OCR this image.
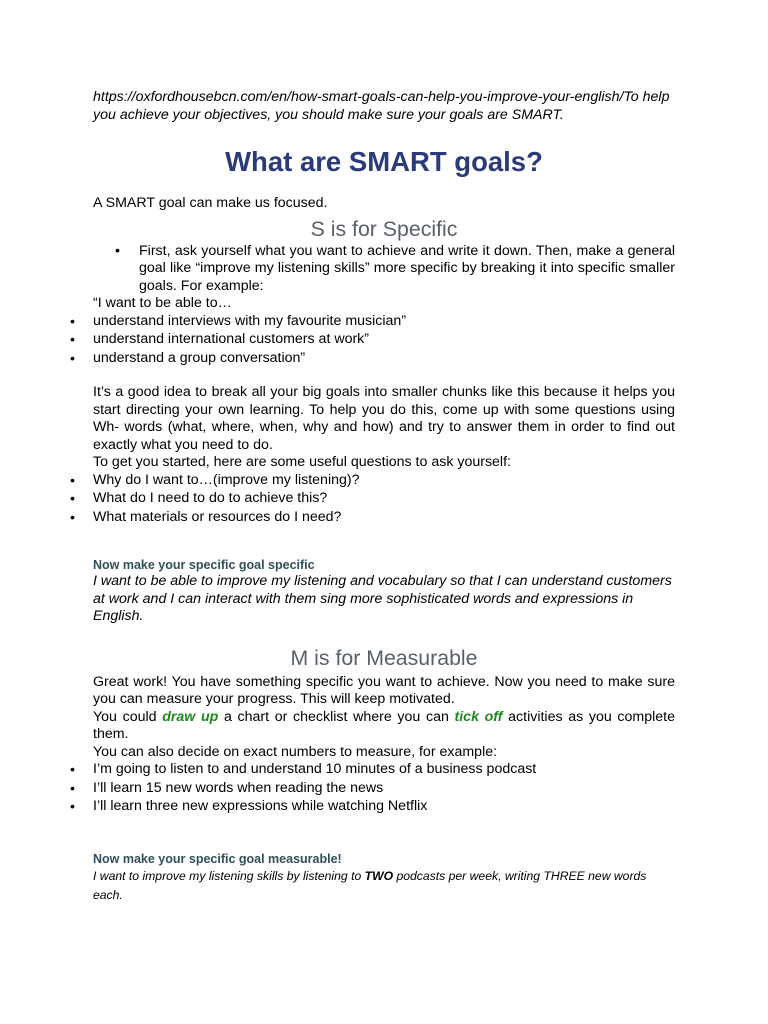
https://oxfordhousebcn.com/en/how-smart-goals-can-help-you-improve-your-english/To help you achieve your objectives, you should make sure your goals are SMART.

What are SMART goals?

A SMART goal can make us focused.

S is for Specific
• First, ask yourself what you want to achieve and write it down. Then, make a general goal like “improve my listening skills” more specific by breaking it into specific smaller goals. For example:

“I want to be able to…

• understand interviews with my favourite musician”
• understand international customers at work”
• understand a group conversation”

It’s a good idea to break all your big goals into smaller chunks like this because it helps you start directing your own learning. To help you do this, come up with some questions using Wh- words (what, where, when, why and how) and try to answer them in order to find out exactly what you need to do.

To get you started, here are some useful questions to ask yourself:

• Why do I want to…(improve my listening)?
• What do I need to do to achieve this?
• What materials or resources do I need?

Now make your specific goal specific

I want to be able to improve my listening and vocabulary so that I can understand customers at work and I can interact with them sing more sophisticated words and expressions in English.

M is for Measurable

Great work! You have something specific you want to achieve. Now you need to make sure you can measure your progress. This will keep motivated.

You could draw up a chart or checklist where you can tick off activities as you complete them.

You can also decide on exact numbers to measure, for example:

• I’m going to listen to and understand 10 minutes of a business podcast
• I’ll learn 15 new words when reading the news
• I’ll learn three new expressions while watching Netflix

Now make your specific goal measurable!

I want to improve my listening skills by listening to TWO podcasts per week, writing THREE new words each.
